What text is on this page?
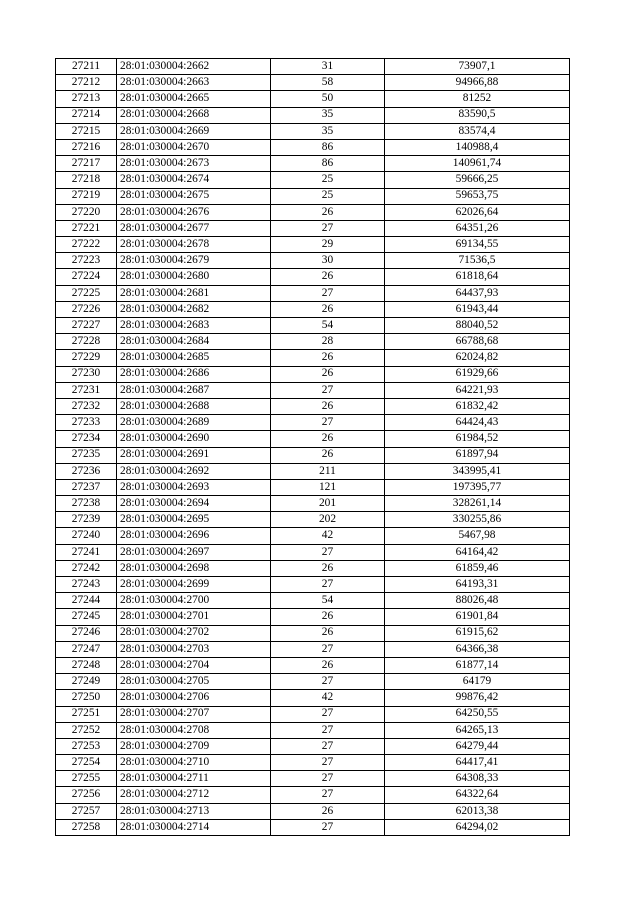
27211	28:01:030004:2662	31	73907,1
27212	28:01:030004:2663	58	94966,88
27213	28:01:030004:2665	50	81252
27214	28:01:030004:2668	35	83590,5
27215	28:01:030004:2669	35	83574,4
27216	28:01:030004:2670	86	140988,4
27217	28:01:030004:2673	86	140961,74
27218	28:01:030004:2674	25	59666,25
27219	28:01:030004:2675	25	59653,75
27220	28:01:030004:2676	26	62026,64
27221	28:01:030004:2677	27	64351,26
27222	28:01:030004:2678	29	69134,55
27223	28:01:030004:2679	30	71536,5
27224	28:01:030004:2680	26	61818,64
27225	28:01:030004:2681	27	64437,93
27226	28:01:030004:2682	26	61943,44
27227	28:01:030004:2683	54	88040,52
27228	28:01:030004:2684	28	66788,68
27229	28:01:030004:2685	26	62024,82
27230	28:01:030004:2686	26	61929,66
27231	28:01:030004:2687	27	64221,93
27232	28:01:030004:2688	26	61832,42
27233	28:01:030004:2689	27	64424,43
27234	28:01:030004:2690	26	61984,52
27235	28:01:030004:2691	26	61897,94
27236	28:01:030004:2692	211	343995,41
27237	28:01:030004:2693	121	197395,77
27238	28:01:030004:2694	201	328261,14
27239	28:01:030004:2695	202	330255,86
27240	28:01:030004:2696	42	5467,98
27241	28:01:030004:2697	27	64164,42
27242	28:01:030004:2698	26	61859,46
27243	28:01:030004:2699	27	64193,31
27244	28:01:030004:2700	54	88026,48
27245	28:01:030004:2701	26	61901,84
27246	28:01:030004:2702	26	61915,62
27247	28:01:030004:2703	27	64366,38
27248	28:01:030004:2704	26	61877,14
27249	28:01:030004:2705	27	64179
27250	28:01:030004:2706	42	99876,42
27251	28:01:030004:2707	27	64250,55
27252	28:01:030004:2708	27	64265,13
27253	28:01:030004:2709	27	64279,44
27254	28:01:030004:2710	27	64417,41
27255	28:01:030004:2711	27	64308,33
27256	28:01:030004:2712	27	64322,64
27257	28:01:030004:2713	26	62013,38
27258	28:01:030004:2714	27	64294,02
